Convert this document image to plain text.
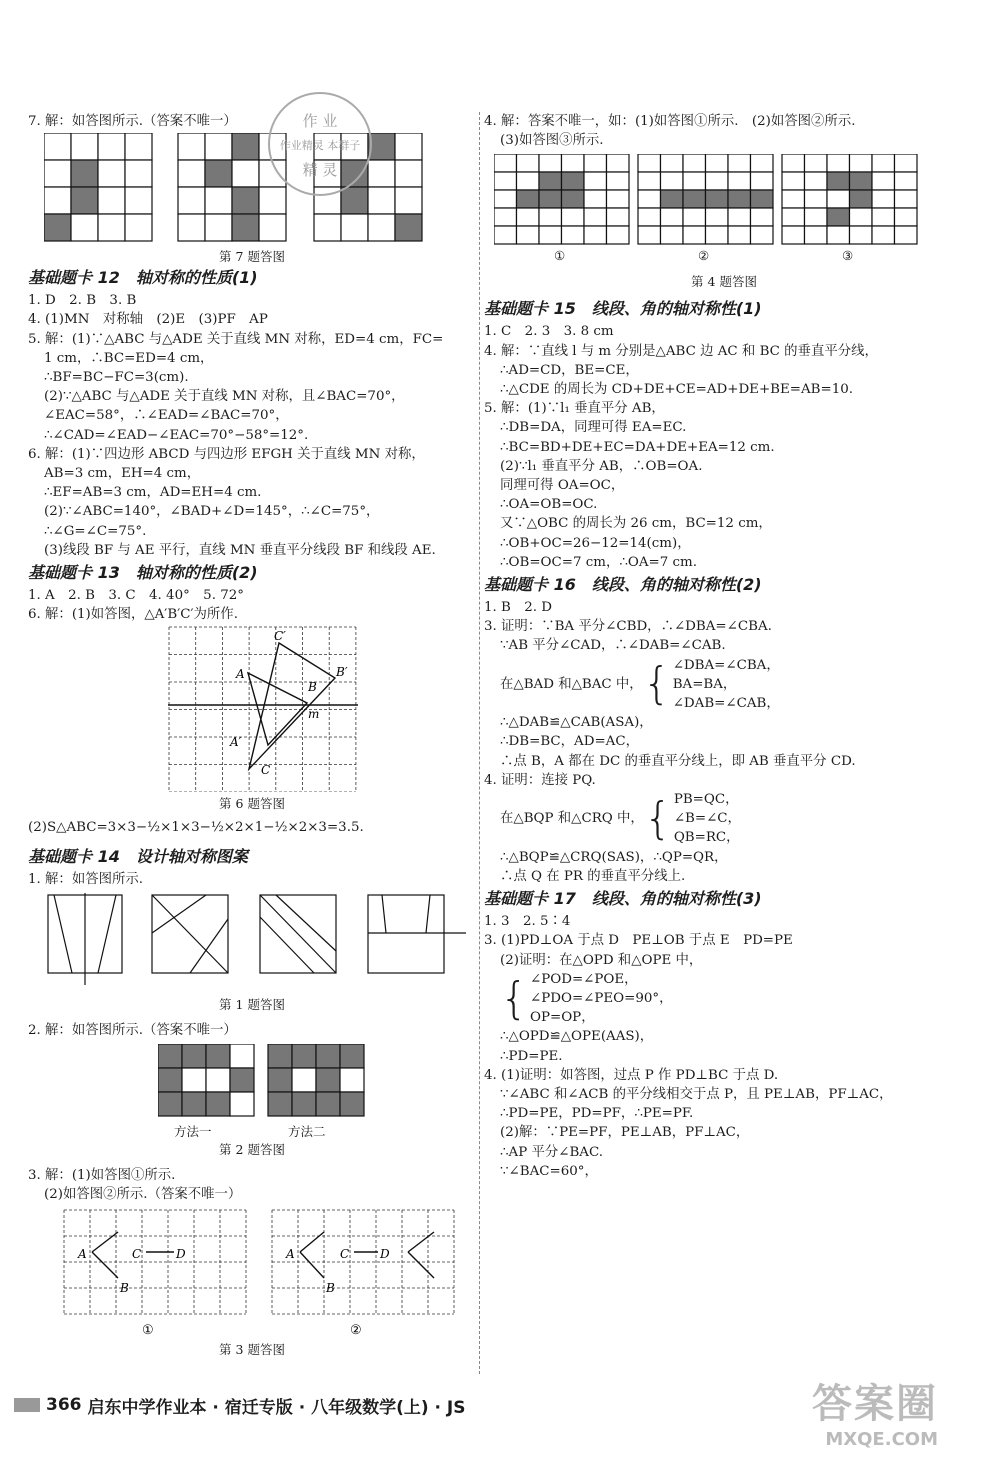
7. 解：如答图所示.（答案不唯一）
第 7 题答图
基础题卡 12　轴对称的性质(1)
1. D　2. B　3. B
4. (1)MN　对称轴　(2)E　(3)PF　AP
5. 解：(1)∵△ABC 与△ADE 关于直线 MN 对称，ED=4 cm，FC=
1 cm，∴BC=ED=4 cm，
∴BF=BC−FC=3(cm).
(2)∵△ABC 与△ADE 关于直线 MN 对称，且∠BAC=70°，
∠EAC=58°，∴∠EAD=∠BAC=70°，
∴∠CAD=∠EAD−∠EAC=70°−58°=12°.
6. 解：(1)∵四边形 ABCD 与四边形 EFGH 关于直线 MN 对称，
AB=3 cm，EH=4 cm，
∴EF=AB=3 cm，AD=EH=4 cm.
(2)∵∠ABC=140°，∠BAD+∠D=145°，∴∠C=75°，
∴∠G=∠C=75°.
(3)线段 BF 与 AE 平行，直线 MN 垂直平分线段 BF 和线段 AE.
基础题卡 13　轴对称的性质(2)
1. A　2. B　3. C　4. 40°　5. 72°
6. 解：(1)如答图，△A′B′C′为所作.
A
B
C
A′
B′
C′
m
第 6 题答图
(2)S△ABC=3×3−½×1×3−½×2×1−½×2×3=3.5.
基础题卡 14　设计轴对称图案
1. 解：如答图所示.
第 1 题答图
2. 解：如答图所示.（答案不唯一）
方法一	方法二
第 2 题答图
3. 解：(1)如答图①所示.
(2)如答图②所示.（答案不唯一）
A
B
C	D	A
B
C	D
①	②
第 3 题答图
4. 解：答案不唯一，如：(1)如答图①所示.　(2)如答图②所示.
(3)如答图③所示.
①	②	③
第 4 题答图
基础题卡 15　线段、角的轴对称性(1)
1. C　2. 3　3. 8 cm
4. 解：∵直线 l 与 m 分别是△ABC 边 AC 和 BC 的垂直平分线，
∴AD=CD，BE=CE，
∴△CDE 的周长为 CD+DE+CE=AD+DE+BE=AB=10.
5. 解：(1)∵l₁ 垂直平分 AB，
∴DB=DA，同理可得 EA=EC.
∴BC=BD+DE+EC=DA+DE+EA=12 cm.
(2)∵l₁ 垂直平分 AB，∴OB=OA.
同理可得 OA=OC，
∴OA=OB=OC.
又∵△OBC 的周长为 26 cm，BC=12 cm，
∴OB+OC=26−12=14(cm)，
∴OB=OC=7 cm，∴OA=7 cm.
基础题卡 16　线段、角的轴对称性(2)
1. B　2. D
3. 证明：∵BA 平分∠CBD，∴∠DBA=∠CBA.
∵AB 平分∠CAD，∴∠DAB=∠CAB.
在△BAD 和△BAC 中， { ∠DBA=∠CBA，
BA=BA，
∠DAB=∠CAB，
∴△DAB≌△CAB(ASA)，
∴DB=BC，AD=AC，
∴点 B，A 都在 DC 的垂直平分线上，即 AB 垂直平分 CD.
4. 证明：连接 PQ.
在△BQP 和△CRQ 中， { PB=QC，
∠B=∠C，
QB=RC，
∴△BQP≌△CRQ(SAS)，∴QP=QR，
∴点 Q 在 PR 的垂直平分线上.
基础题卡 17　线段、角的轴对称性(3)
1. 3　2. 5∶4
3. (1)PD⊥OA 于点 D　PE⊥OB 于点 E　PD=PE
(2)证明：在△OPD 和△OPE 中，
{ ∠POD=∠POE，
∠PDO=∠PEO=90°，
OP=OP，
∴△OPD≌△OPE(AAS)，
∴PD=PE.
4. (1)证明：如答图，过点 P 作 PD⊥BC 于点 D.
∵∠ABC 和∠ACB 的平分线相交于点 P，且 PE⊥AB，PF⊥AC，
∴PD=PE，PD=PF，∴PE=PF.
(2)解：∵PE=PF，PE⊥AB，PF⊥AC，
∴AP 平分∠BAC.
∵∠BAC=60°，
作 业
作业精灵 本群子
精 灵
366 启东中学作业本 · 宿迁专版 · 八年级数学(上) · JS	答案圈
MXQE.COM
